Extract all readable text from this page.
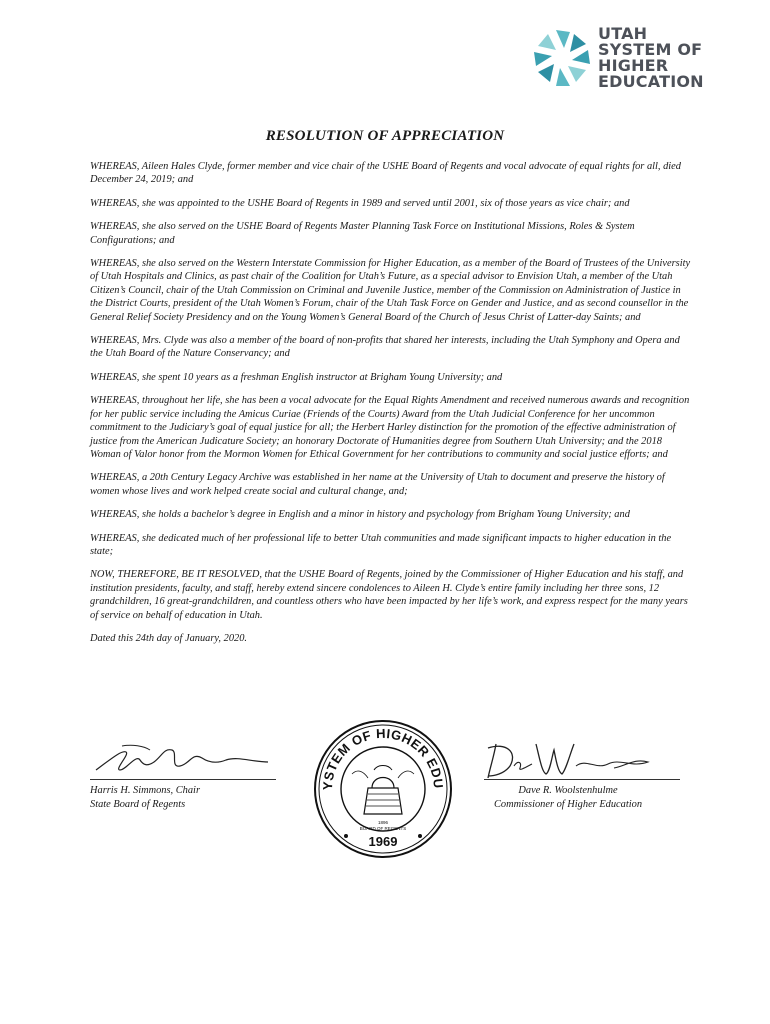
UTAH
SYSTEM OF
HIGHER
EDUCATION
RESOLUTION OF APPRECIATION

WHEREAS, Aileen Hales Clyde, former member and vice chair of the USHE Board of Regents and vocal advocate of equal rights for all, died December 24, 2019; and

WHEREAS, she was appointed to the USHE Board of Regents in 1989 and served until 2001, six of those years as vice chair; and

WHEREAS, she also served on the USHE Board of Regents Master Planning Task Force on Institutional Missions, Roles & System Configurations; and

WHEREAS, she also served on the Western Interstate Commission for Higher Education, as a member of the Board of Trustees of the University of Utah Hospitals and Clinics, as past chair of the Coalition for Utah’s Future, as a special advisor to Envision Utah, a member of the Utah Citizen’s Council, chair of the Utah Commission on Criminal and Juvenile Justice, member of the Commission on Administration of Justice in the District Courts, president of the Utah Women’s Forum, chair of the Utah Task Force on Gender and Justice, and as second counsellor in the General Relief Society Presidency and on the Young Women’s General Board of the Church of Jesus Christ of Latter-day Saints; and

WHEREAS, Mrs. Clyde was also a member of the board of non-profits that shared her interests, including the Utah Symphony and Opera and the Utah Board of the Nature Conservancy; and

WHEREAS, she spent 10 years as a freshman English instructor at Brigham Young University; and

WHEREAS, throughout her life, she has been a vocal advocate for the Equal Rights Amendment and received numerous awards and recognition for her public service including the Amicus Curiae (Friends of the Courts) Award from the Utah Judicial Conference for her uncommon commitment to the Judiciary’s goal of equal justice for all; the Herbert Harley distinction for the promotion of the effective administration of justice from the American Judicature Society; an honorary Doctorate of Humanities degree from Southern Utah University; and the 2018 Woman of Valor honor from the Mormon Women for Ethical Government for her contributions to community and social justice efforts; and

WHEREAS, a 20th Century Legacy Archive was established in her name at the University of Utah to document and preserve the history of women whose lives and work helped create social and cultural change, and;

WHEREAS, she holds a bachelor’s degree in English and a minor in history and psychology from Brigham Young University; and

WHEREAS, she dedicated much of her professional life to better Utah communities and made significant impacts to higher education in the state;

NOW, THEREFORE, BE IT RESOLVED, that the USHE Board of Regents, joined by the Commissioner of Higher Education and his staff, and institution presidents, faculty, and staff, hereby extend sincere condolences to Aileen H. Clyde’s entire family including her three sons, 12 grandchildren, 16 great-grandchildren, and countless others who have been impacted by her life’s work, and express respect for the many years of service on behalf of education in Utah.

Dated this 24th day of January, 2020.

Harris H. Simmons, Chair
State Board of Regents
YSTEM OF HIGHER EDU
1896
BOARD OF REGENTS
1969
Dave R. Woolstenhulme
Commissioner of Higher Education
